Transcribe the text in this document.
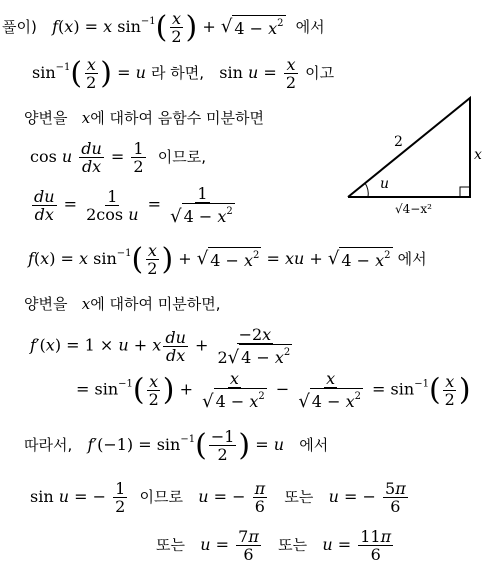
풀이) f(x) = x $\sin^{-1}( \frac{x}{2}$ ) + √ $4 - x^2$ 에서
$\sin^{-1}( \frac{x}{2}$ ) = u 라 하면,   $\sin u = \frac{x}{2}$ 이고
양변을 x에 대하여 음함수 미분하면
cos u $\frac{du}{dx} = \frac{1}{2}$ 이므로,
$\frac{du}{dx} = \frac{1}{\text{2cos u}} = \frac{1}{√ 4 - x^2}$
2
x
u
√4−x²
f(x) = x $\sin^{-1}( \frac{x}{2}$ ) + √ $4 - x^2$ = xu + √ $4 - x^2$ 에서
양변을 x에 대하여 미분하면,
f′(x) = 1 × u + x $\frac{du}{dx} + \frac{-2x}{2 √ 4 - x^2}$
= $\sin^{-1}( \frac{x}{2}$ ) + $\frac{x}{√ 4 - x^2} - \frac{x}{√ 4 - x^2} = \sin^{-1}( \frac{x}{2}$ )
따라서, $f'(-1) = \sin^{-1}( \frac{-1}{2}$ ) = u 에서
sin u = − $\frac{1}{2}$ 이므로 u = − $\frac{\pi}{6}$ 또는 u = − $\frac{5\pi}{6}$
또는 $u = \frac{7\pi}{6}$ 또는 $u = \frac{11\pi}{6}$
